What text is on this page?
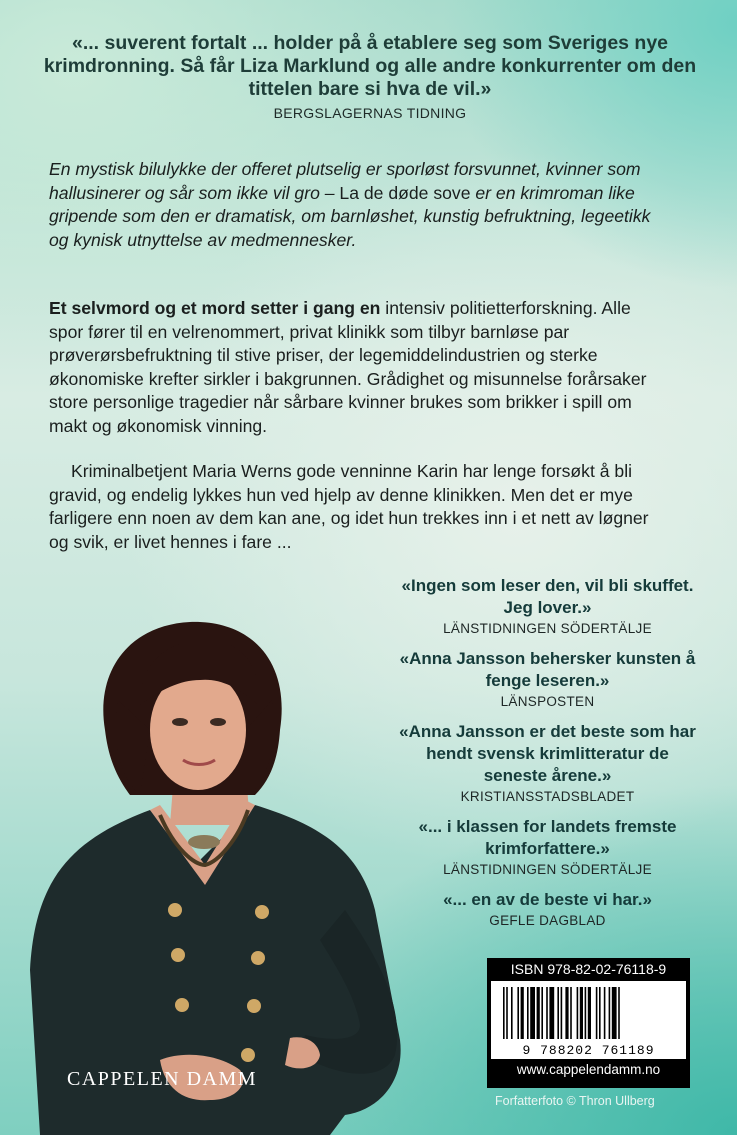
«... suverent fortalt ... holder på å etablere seg som Sveriges nye krimdronning. Så får Liza Marklund og alle andre konkurrenter om den tittelen bare si hva de vil.»

BERGSLAGERNAS TIDNING

En mystisk bilulykke der offeret plutselig er sporløst forsvunnet, kvinner som hallusinerer og sår som ikke vil gro – La de døde sove er en krimroman like gripende som den er dramatisk, om barnløshet, kunstig befruktning, legeetikk og kynisk utnyttelse av medmennesker.

Et selvmord og et mord setter i gang en intensiv politietterforskning. Alle spor fører til en velrenommert, privat klinikk som tilbyr barnløse par prøverørsbefruktning til stive priser, der legemiddelindustrien og sterke økonomiske krefter sirkler i bakgrunnen. Grådighet og misunnelse forårsaker store personlige tragedier når sårbare kvinner brukes som brikker i spill om makt og økonomisk vinning.

Kriminalbetjent Maria Werns gode venninne Karin har lenge forsøkt å bli gravid, og endelig lykkes hun ved hjelp av denne klinikken. Men det er mye farligere enn noen av dem kan ane, og idet hun trekkes inn i et nett av løgner og svik, er livet hennes i fare ...

«Ingen som leser den, vil bli skuffet. Jeg lover.»
LÄNSTIDNINGEN SÖDERTÄLJE
«Anna Jansson behersker kunsten å fenge leseren.»
LÄNSPOSTEN
«Anna Jansson er det beste som har hendt svensk krimlitteratur de seneste årene.»
KRISTIANSSTADSBLADET
«... i klassen for landets fremste krimforfattere.»
LÄNSTIDNINGEN SÖDERTÄLJE
«... en av de beste vi har.»
GEFLE DAGBLAD
CAPPELEN DAMM
ISBN 978-82-02-76118-9
9 788202 761189
www.cappelendamm.no
Forfatterfoto © Thron Ullberg
